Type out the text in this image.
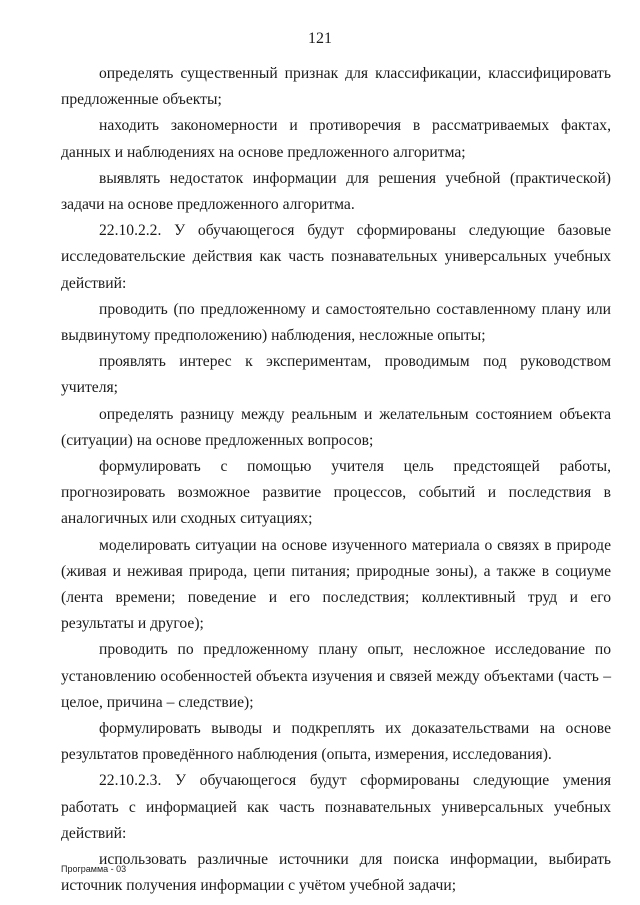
121

определять существенный признак для классификации, классифицировать предложенные объекты;

находить закономерности и противоречия в рассматриваемых фактах, данных и наблюдениях на основе предложенного алгоритма;

выявлять недостаток информации для решения учебной (практической) задачи на основе предложенного алгоритма.

22.10.2.2. У обучающегося будут сформированы следующие базовые исследовательские действия как часть познавательных универсальных учебных действий:

проводить (по предложенному и самостоятельно составленному плану или выдвинутому предположению) наблюдения, несложные опыты;

проявлять интерес к экспериментам, проводимым под руководством учителя;

определять разницу между реальным и желательным состоянием объекта (ситуации) на основе предложенных вопросов;

формулировать с помощью учителя цель предстоящей работы, прогнозировать возможное развитие процессов, событий и последствия в аналогичных или сходных ситуациях;

моделировать ситуации на основе изученного материала о связях в природе (живая и неживая природа, цепи питания; природные зоны), а также в социуме (лента времени; поведение и его последствия; коллективный труд и его результаты и другое);

проводить по предложенному плану опыт, несложное исследование по установлению особенностей объекта изучения и связей между объектами (часть – целое, причина – следствие);

формулировать выводы и подкреплять их доказательствами на основе результатов проведённого наблюдения (опыта, измерения, исследования).

22.10.2.3. У обучающегося будут сформированы следующие умения работать с информацией как часть познавательных универсальных учебных действий:

использовать различные источники для поиска информации, выбирать источник получения информации с учётом учебной задачи;

Программа - 03
